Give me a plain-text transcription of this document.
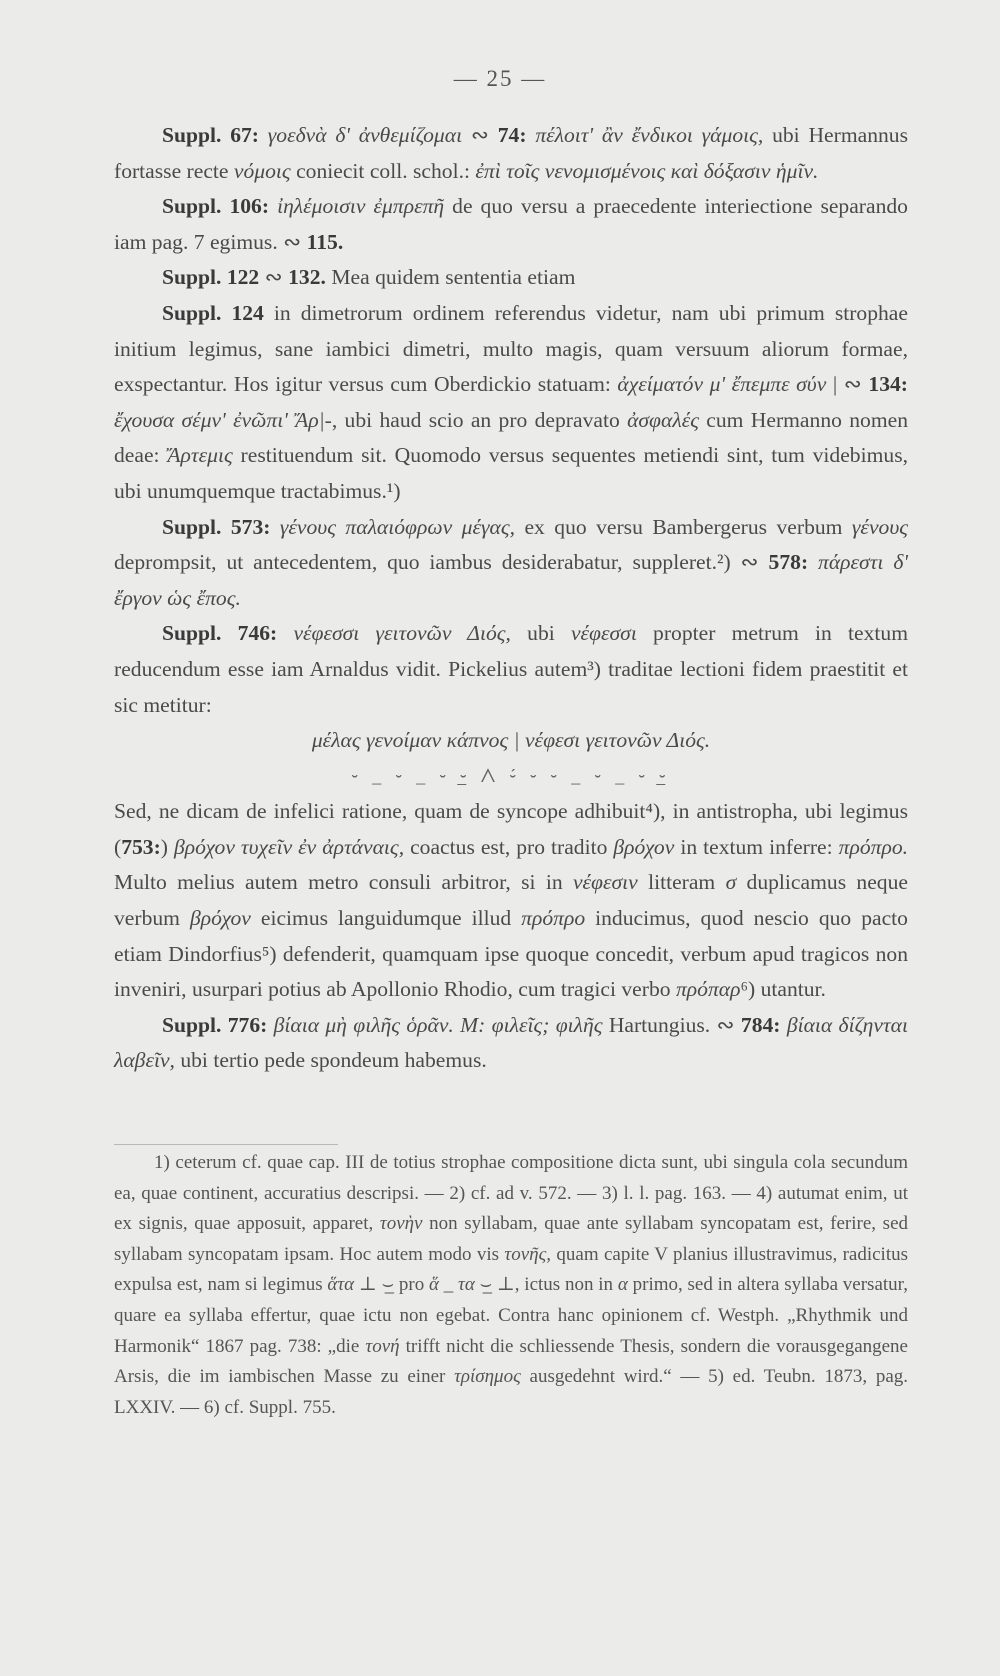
— 25 —

Suppl. 67: γοεδνὰ δ' ἀνθεμίζομαι ∾ 74: πέλοιτ' ἂν ἔνδικοι γάμοις, ubi Hermannus fortasse recte νόμοις coniecit coll. schol.: ἐπὶ τοῖς νενομισμένοις καὶ δόξασιν ἡμῖν.

Suppl. 106: ἰηλέμοισιν ἐμπρεπῆ de quo versu a praecedente interiectione separando iam pag. 7 egimus. ∾ 115.

Suppl. 122 ∾ 132. Mea quidem sententia etiam

Suppl. 124 in dimetrorum ordinem referendus videtur, nam ubi primum strophae initium legimus, sane iambici dimetri, multo magis, quam versuum aliorum formae, exspectantur. Hos igitur versus cum Oberdickio statuam: ἀχείματόν μ' ἔπεμπε σύν | ∾ 134: ἔχουσα σέμν' ἐνῶπι' Ἄρ|-, ubi haud scio an pro depravato ἀσφαλές cum Hermanno nomen deae: Ἄρτεμις restituendum sit. Quomodo versus sequentes metiendi sint, tum videbimus, ubi unumquemque tractabimus.¹)

Suppl. 573: γένους παλαιόφρων μέγας, ex quo versu Bambergerus verbum γένους deprompsit, ut antecedentem, quo iambus desiderabatur, suppleret.²) ∾ 578: πάρεστι δ' ἔργον ὡς ἔπος.

Suppl. 746: νέφεσσι γειτονῶν Διός, ubi νέφεσσι propter metrum in textum reducendum esse iam Arnaldus vidit. Pickelius autem³) traditae lectioni fidem praestitit et sic metitur:

μέλας γενοίμαν κάπνος | νέφεσι γειτονῶν Διός.

⏑ _ ⏑ _ ⏑ ⏑̲ ⋀ ⏑́ ⏑ ⏑ _ ⏑ _ ⏑ ⏑̲

Sed, ne dicam de infelici ratione, quam de syncope adhibuit⁴), in antistropha, ubi legimus (753:) βρόχον τυχεῖν ἐν ἀρτάναις, coactus est, pro tradito βρόχον in textum inferre: πρόπρο. Multo melius autem metro consuli arbitror, si in νέφεσιν litteram σ duplicamus neque verbum βρόχον eicimus languidumque illud πρόπρο inducimus, quod nescio quo pacto etiam Dindorfius⁵) defenderit, quamquam ipse quoque concedit, verbum apud tragicos non inveniri, usurpari potius ab Apollonio Rhodio, cum tragici verbo πρόπαρ⁶) utantur.

Suppl. 776: βίαια μὴ φιλῆς ὁρᾶν. Μ: φιλεῖς; φιλῆς Hartungius. ∾ 784: βίαια δίζηνται λαβεῖν, ubi tertio pede spondeum habemus.

1) ceterum cf. quae cap. III de totius strophae compositione dicta sunt, ubi singula cola secundum ea, quae continent, accuratius descripsi. — 2) cf. ad v. 572. — 3) l. l. pag. 163. — 4) autumat enim, ut ex signis, quae apposuit, apparet, τονὴν non syllabam, quae ante syllabam syncopatam est, ferire, sed syllabam syncopatam ipsam. Hoc autem modo vis τονῆς, quam capite V planius illustravimus, radicitus expulsa est, nam si legimus ἅτα ⊥ ⌣̲ pro ἅ _ τα ⌣̲ ⊥, ictus non in α primo, sed in altera syllaba versatur, quare ea syllaba effertur, quae ictu non egebat. Contra hanc opinionem cf. Westph. „Rhythmik und Harmonik“ 1867 pag. 738: „die τονή trifft nicht die schliessende Thesis, sondern die vorausgegangene Arsis, die im iambischen Masse zu einer τρίσημος ausgedehnt wird.“ — 5) ed. Teubn. 1873, pag. LXXIV. — 6) cf. Suppl. 755.
